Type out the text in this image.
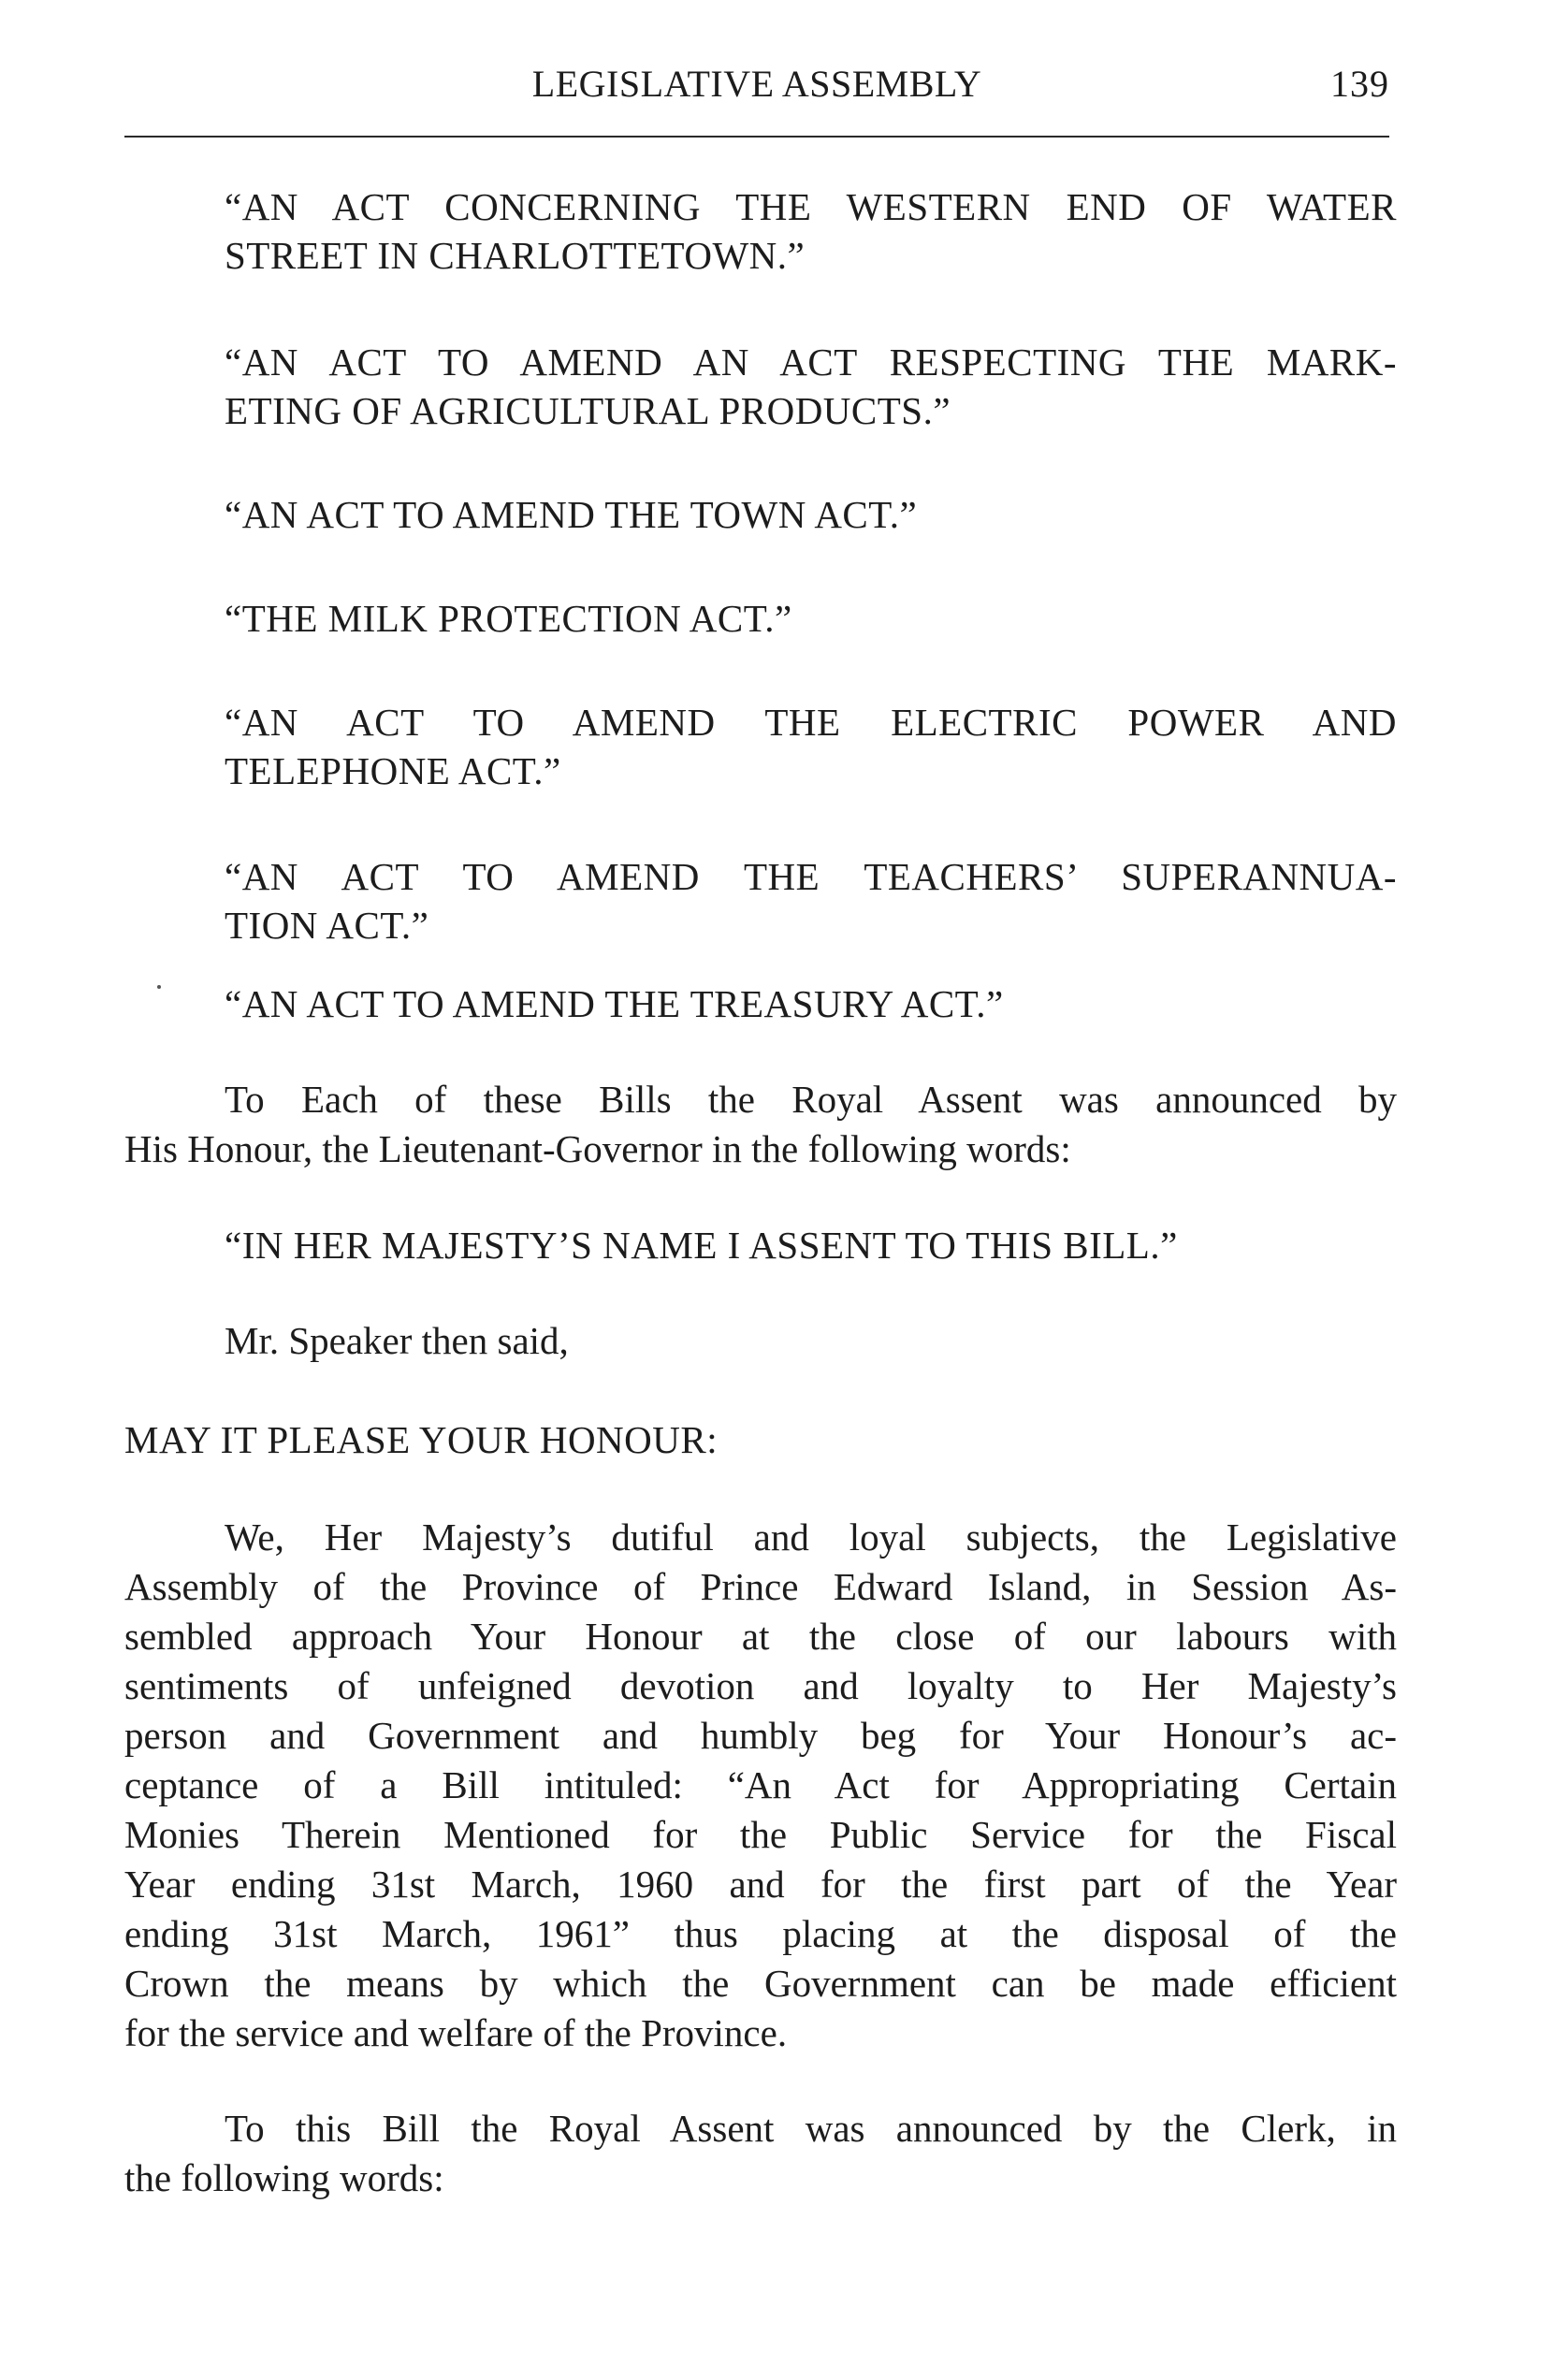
LEGISLATIVE ASSEMBLY	139
“AN ACT CONCERNING THE WESTERN END OF WATER
STREET IN CHARLOTTETOWN.”
“AN ACT TO AMEND AN ACT RESPECTING THE MARK-
ETING OF AGRICULTURAL PRODUCTS.”
“AN ACT TO AMEND THE TOWN ACT.”
“THE MILK PROTECTION ACT.”
“AN ACT TO AMEND THE ELECTRIC POWER AND
TELEPHONE ACT.”
“AN ACT TO AMEND THE TEACHERS’ SUPERANNUA-
TION ACT.”
“AN ACT TO AMEND THE TREASURY ACT.”
To Each of these Bills the Royal Assent was announced by
His Honour, the Lieutenant-Governor in the following words:
“IN HER MAJESTY’S NAME I ASSENT TO THIS BILL.”
Mr. Speaker then said,
MAY IT PLEASE YOUR HONOUR:
We, Her Majesty’s dutiful and loyal subjects, the Legislative
Assembly of the Province of Prince Edward Island, in Session As-
sembled approach Your Honour at the close of our labours with
sentiments of unfeigned devotion and loyalty to Her Majesty’s
person and Government and humbly beg for Your Honour’s ac-
ceptance of a Bill intituled: “An Act for Appropriating Certain
Monies Therein Mentioned for the Public Service for the Fiscal
Year ending 31st March, 1960 and for the first part of the Year
ending 31st March, 1961” thus placing at the disposal of the
Crown the means by which the Government can be made efficient
for the service and welfare of the Province.
To this Bill the Royal Assent was announced by the Clerk, in
the following words:
